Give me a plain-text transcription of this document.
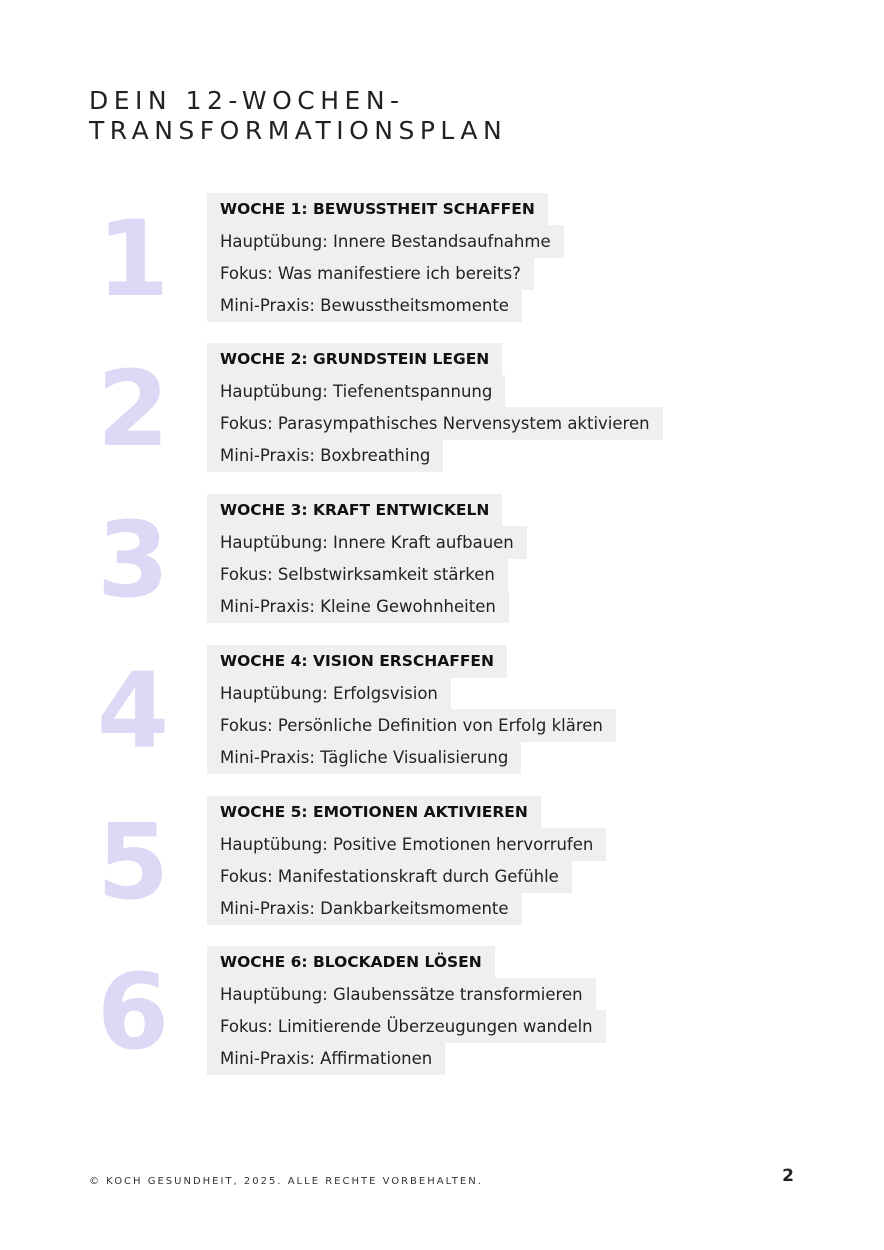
DEIN 12-WOCHEN-
TRANSFORMATIONSPLAN
1	WOCHE 1: BEWUSSTHEIT SCHAFFEN
Hauptübung: Innere Bestandsaufnahme
Fokus: Was manifestiere ich bereits?
Mini-Praxis: Bewusstheitsmomente
2	WOCHE 2: GRUNDSTEIN LEGEN
Hauptübung: Tiefenentspannung
Fokus: Parasympathisches Nervensystem aktivieren
Mini-Praxis: Boxbreathing
3	WOCHE 3: KRAFT ENTWICKELN
Hauptübung: Innere Kraft aufbauen
Fokus: Selbstwirksamkeit stärken
Mini-Praxis: Kleine Gewohnheiten
4	WOCHE 4: VISION ERSCHAFFEN
Hauptübung: Erfolgsvision
Fokus: Persönliche Definition von Erfolg klären
Mini-Praxis: Tägliche Visualisierung
5	WOCHE 5: EMOTIONEN AKTIVIEREN
Hauptübung: Positive Emotionen hervorrufen
Fokus: Manifestationskraft durch Gefühle
Mini-Praxis: Dankbarkeitsmomente
6	WOCHE 6: BLOCKADEN LÖSEN
Hauptübung: Glaubenssätze transformieren
Fokus: Limitierende Überzeugungen wandeln
Mini-Praxis: Affirmationen
© KOCH GESUNDHEIT, 2025. ALLE RECHTE VORBEHALTEN.	2
